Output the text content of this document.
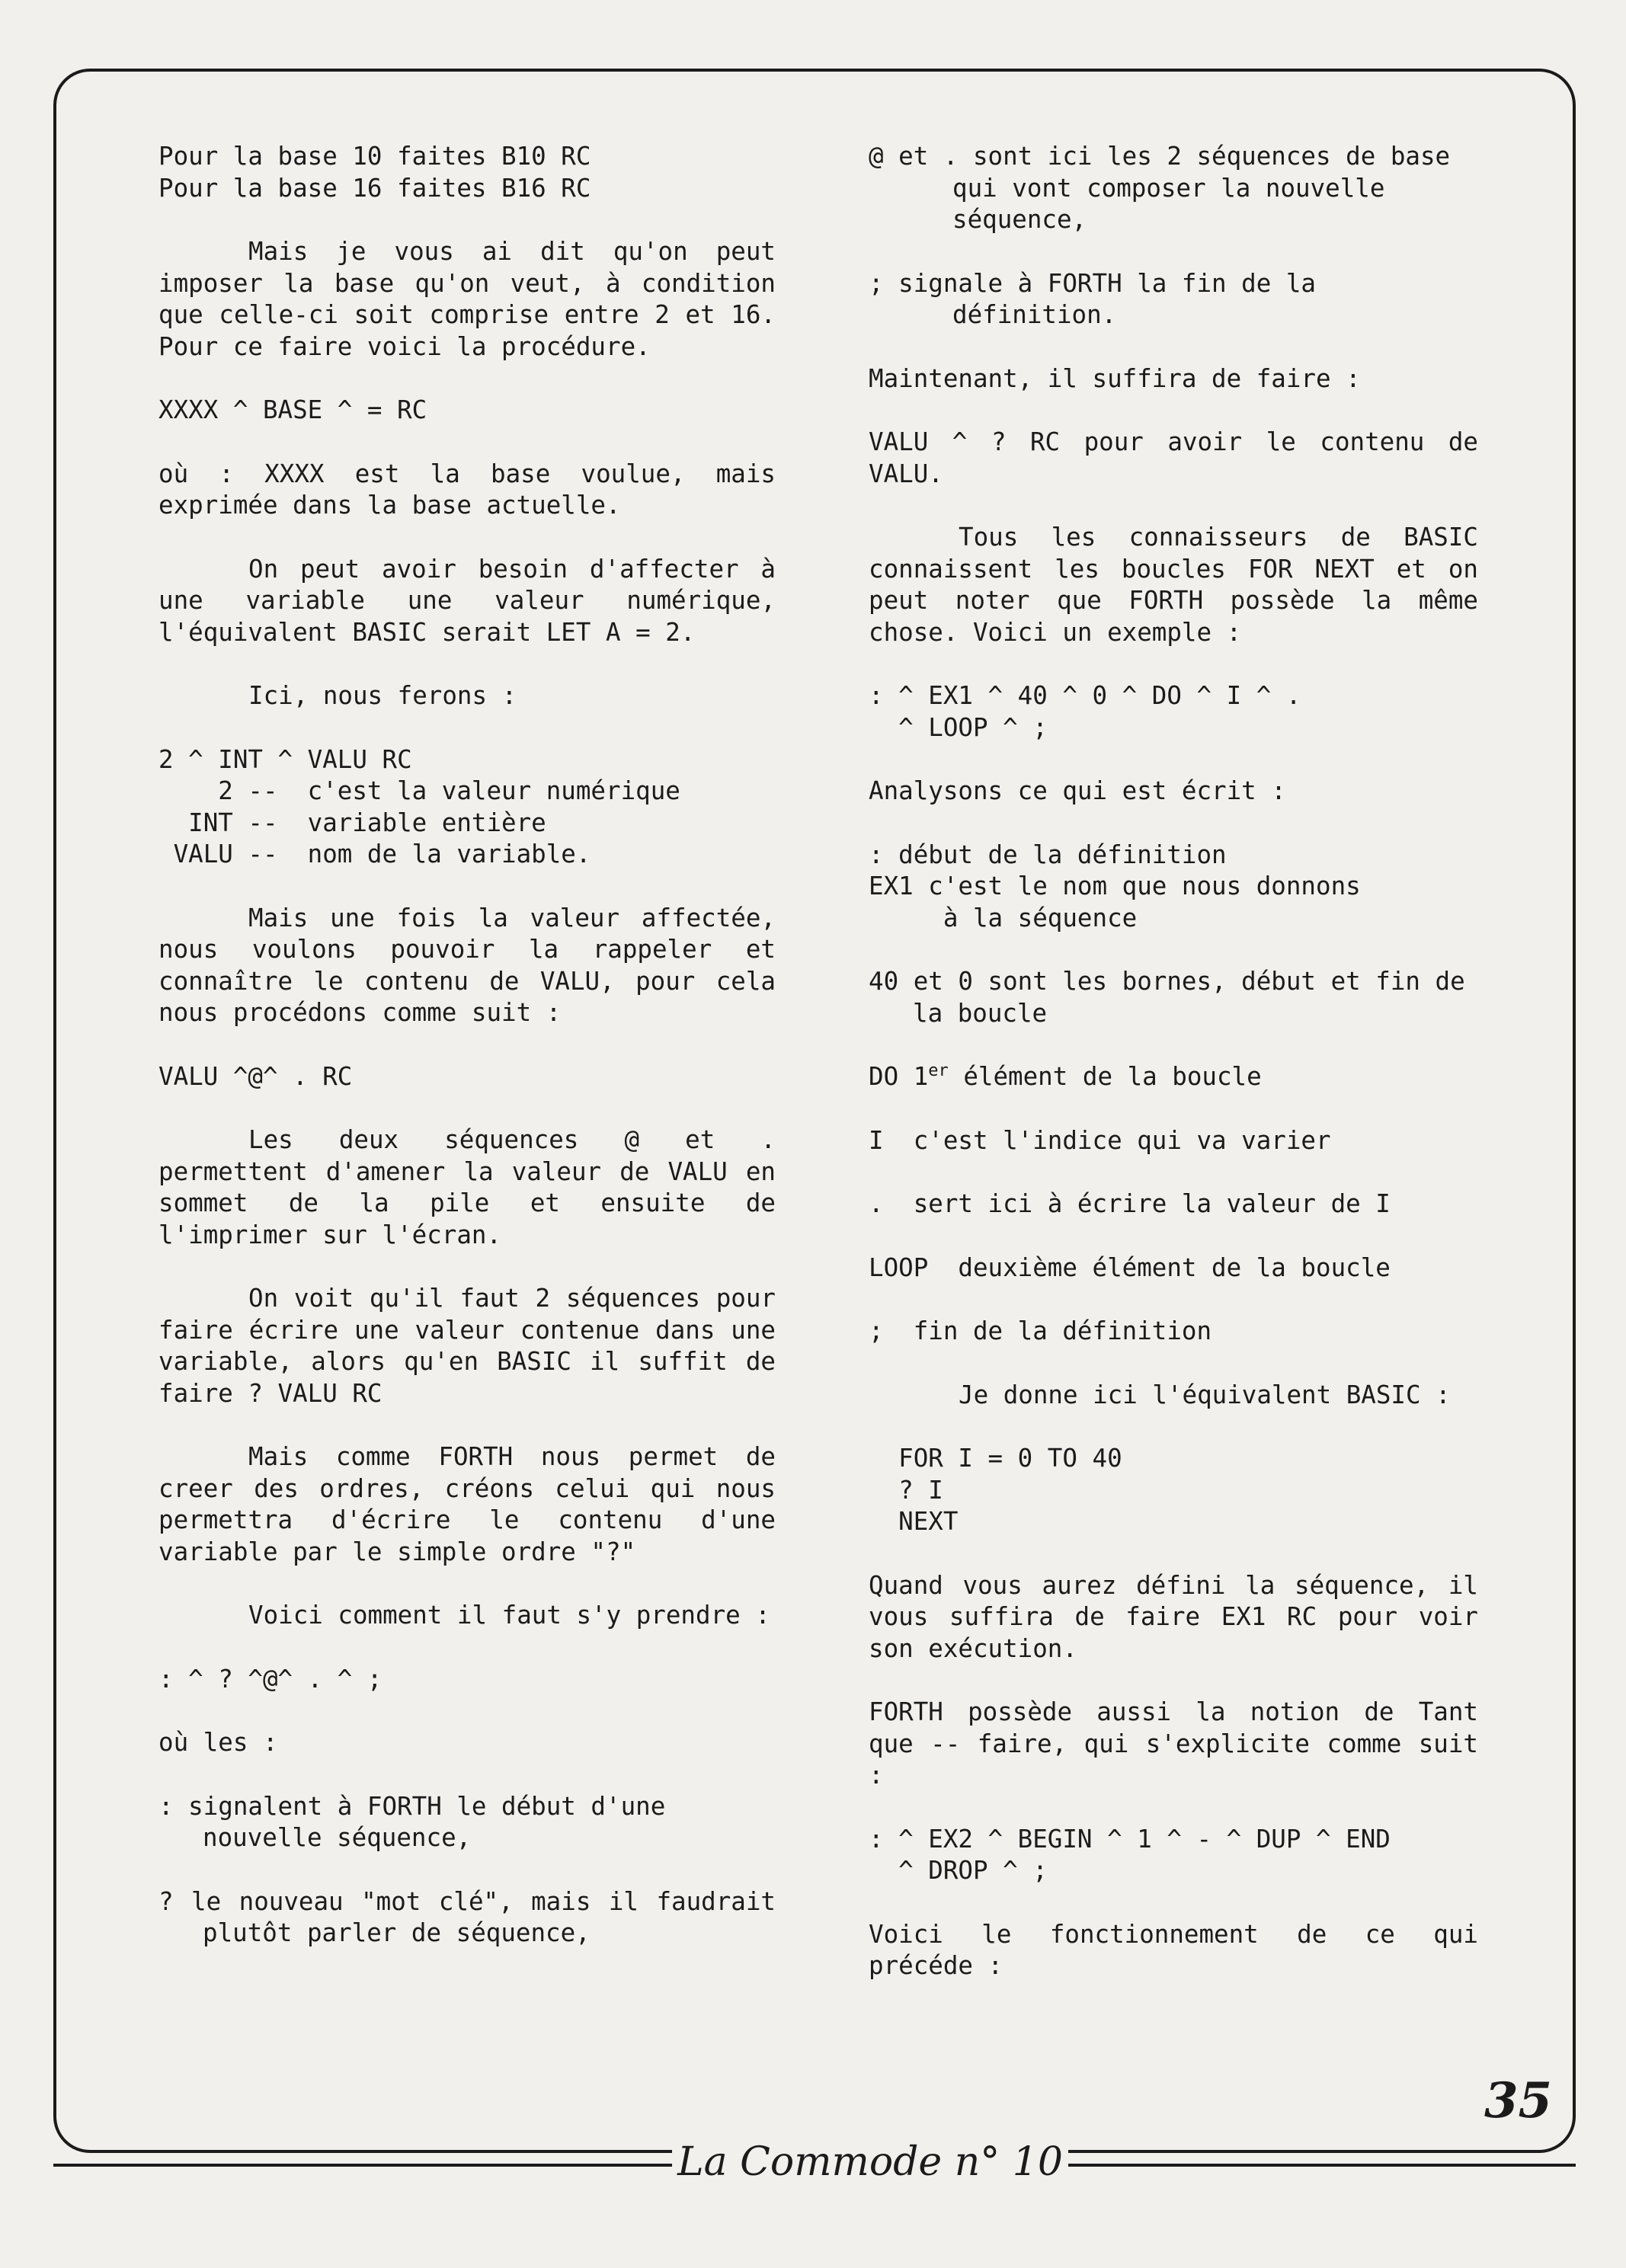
Pour la base 10 faites B10 RC
Pour la base 16 faites B16 RC
Mais je vous ai dit qu'on peut imposer la base qu'on veut, à condition que celle-ci soit comprise entre 2 et 16. Pour ce faire voici la procédure.
XXXX ^ BASE ^ = RC
où : XXXX est la base voulue, mais exprimée dans la base actuelle.
On peut avoir besoin d'affecter à une variable une valeur numérique, l'équivalent BASIC serait LET A = 2.
Ici, nous ferons :
2 ^ INT ^ VALU RC
2 --  c'est la valeur numérique
INT --  variable entière
VALU --  nom de la variable.
Mais une fois la valeur affectée, nous voulons pouvoir la rappeler et connaître le contenu de VALU, pour cela nous procédons comme suit :
VALU ^@^ . RC
Les deux séquences @ et . permettent d'amener la valeur de VALU en sommet de la pile et ensuite de l'imprimer sur l'écran.
On voit qu'il faut 2 séquences pour faire écrire une valeur contenue dans une variable, alors qu'en BASIC il suffit de faire ? VALU RC
Mais comme FORTH nous permet de creer des ordres, créons celui qui nous permettra d'écrire le contenu d'une variable par le simple ordre "?"
Voici comment il faut s'y prendre :
: ^ ? ^@^ . ^ ;
où les :
: signalent à FORTH le début d'une nouvelle séquence,
? le nouveau "mot clé", mais il faudrait plutôt parler de séquence,
@ et . sont ici les 2 séquences de base qui vont composer la nouvelle séquence,
; signale à FORTH la fin de la définition.
Maintenant, il suffira de faire :
VALU ^ ? RC pour avoir le contenu de VALU.
Tous les connaisseurs de BASIC connaissent les boucles FOR NEXT et on peut noter que FORTH possède la même chose. Voici un exemple :
: ^ EX1 ^ 40 ^ 0 ^ DO ^ I ^ .
^ LOOP ^ ;
Analysons ce qui est écrit :
: début de la définition
EX1 c'est le nom que nous donnons
à la séquence
40 et 0 sont les bornes, début et fin de la boucle
DO 1er élément de la boucle
I  c'est l'indice qui va varier
.  sert ici à écrire la valeur de I
LOOP  deuxième élément de la boucle
;  fin de la définition
Je donne ici l'équivalent BASIC :
FOR I = 0 TO 40
? I
NEXT
Quand vous aurez défini la séquence, il vous suffira de faire EX1 RC pour voir son exécution.
FORTH possède aussi la notion de Tant que -- faire, qui s'explicite comme suit :
: ^ EX2 ^ BEGIN ^ 1 ^ - ^ DUP ^ END
^ DROP ^ ;
Voici le fonctionnement de ce qui précéde :
La Commode n° 10
35
